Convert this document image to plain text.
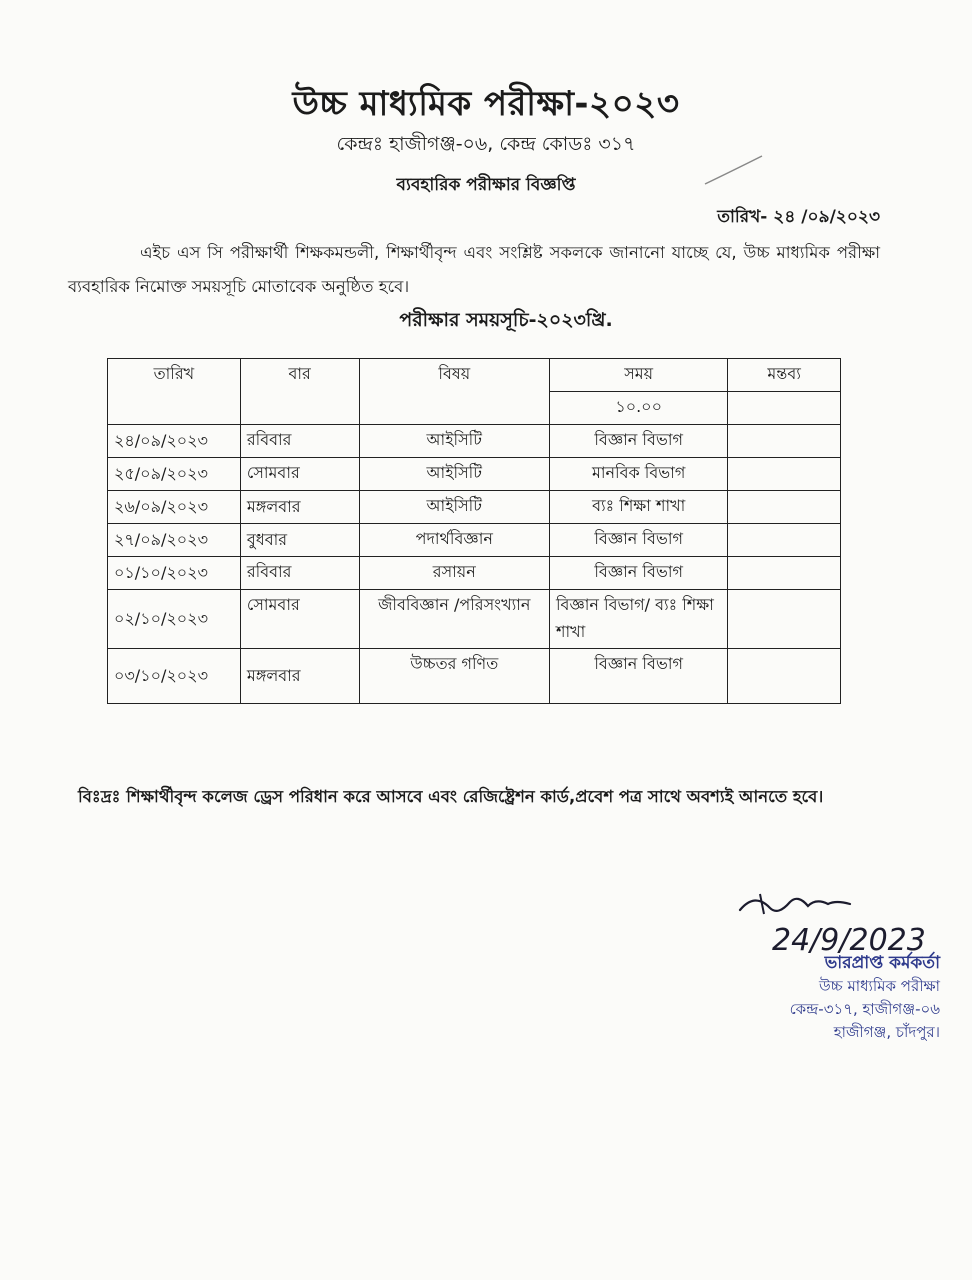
উচ্চ মাধ্যমিক পরীক্ষা-২০২৩
কেন্দ্রঃ হাজীগঞ্জ-০৬, কেন্দ্র কোডঃ ৩১৭
ব্যবহারিক পরীক্ষার বিজ্ঞপ্তি
তারিখ- ২৪ /০৯/২০২৩
এইচ এস সি পরীক্ষার্থী শিক্ষকমন্ডলী, শিক্ষার্থীবৃন্দ এবং সংশ্লিষ্ট সকলকে জানানো যাচ্ছে যে, উচ্চ মাধ্যমিক পরীক্ষা ব্যবহারিক নিমোক্ত সময়সূচি মোতাবেক অনুষ্ঠিত হবে।
পরীক্ষার সময়সূচি-২০২৩খ্রি.
তারিখ	বার	বিষয়	সময়	মন্তব্য
			১০.০০	
২৪/০৯/২০২৩	রবিবার	আইসিটি	বিজ্ঞান বিভাগ	
২৫/০৯/২০২৩	সোমবার	আইসিটি	মানবিক বিভাগ	
২৬/০৯/২০২৩	মঙ্গলবার	আইসিটি	ব্যঃ শিক্ষা শাখা	
২৭/০৯/২০২৩	বুধবার	পদার্থবিজ্ঞান	বিজ্ঞান বিভাগ	
০১/১০/২০২৩	রবিবার	রসায়ন	বিজ্ঞান বিভাগ	
০২/১০/২০২৩	সোমবার	জীববিজ্ঞান /পরিসংখ্যান	বিজ্ঞান বিভাগ/ ব্যঃ শিক্ষা শাখা	
০৩/১০/২০২৩	মঙ্গলবার	উচ্চতর গণিত	বিজ্ঞান বিভাগ	
বিঃদ্রঃ শিক্ষার্থীবৃন্দ কলেজ ড্রেস পরিধান করে আসবে এবং রেজিষ্ট্রেশন কার্ড,প্রবেশ পত্র সাথে অবশ্যই আনতে হবে।
24/9/2023
ভারপ্রাপ্ত কর্মকর্তা
উচ্চ মাধ্যমিক পরীক্ষা
কেন্দ্র-৩১৭, হাজীগঞ্জ-০৬
হাজীগঞ্জ, চাঁদপুর।
